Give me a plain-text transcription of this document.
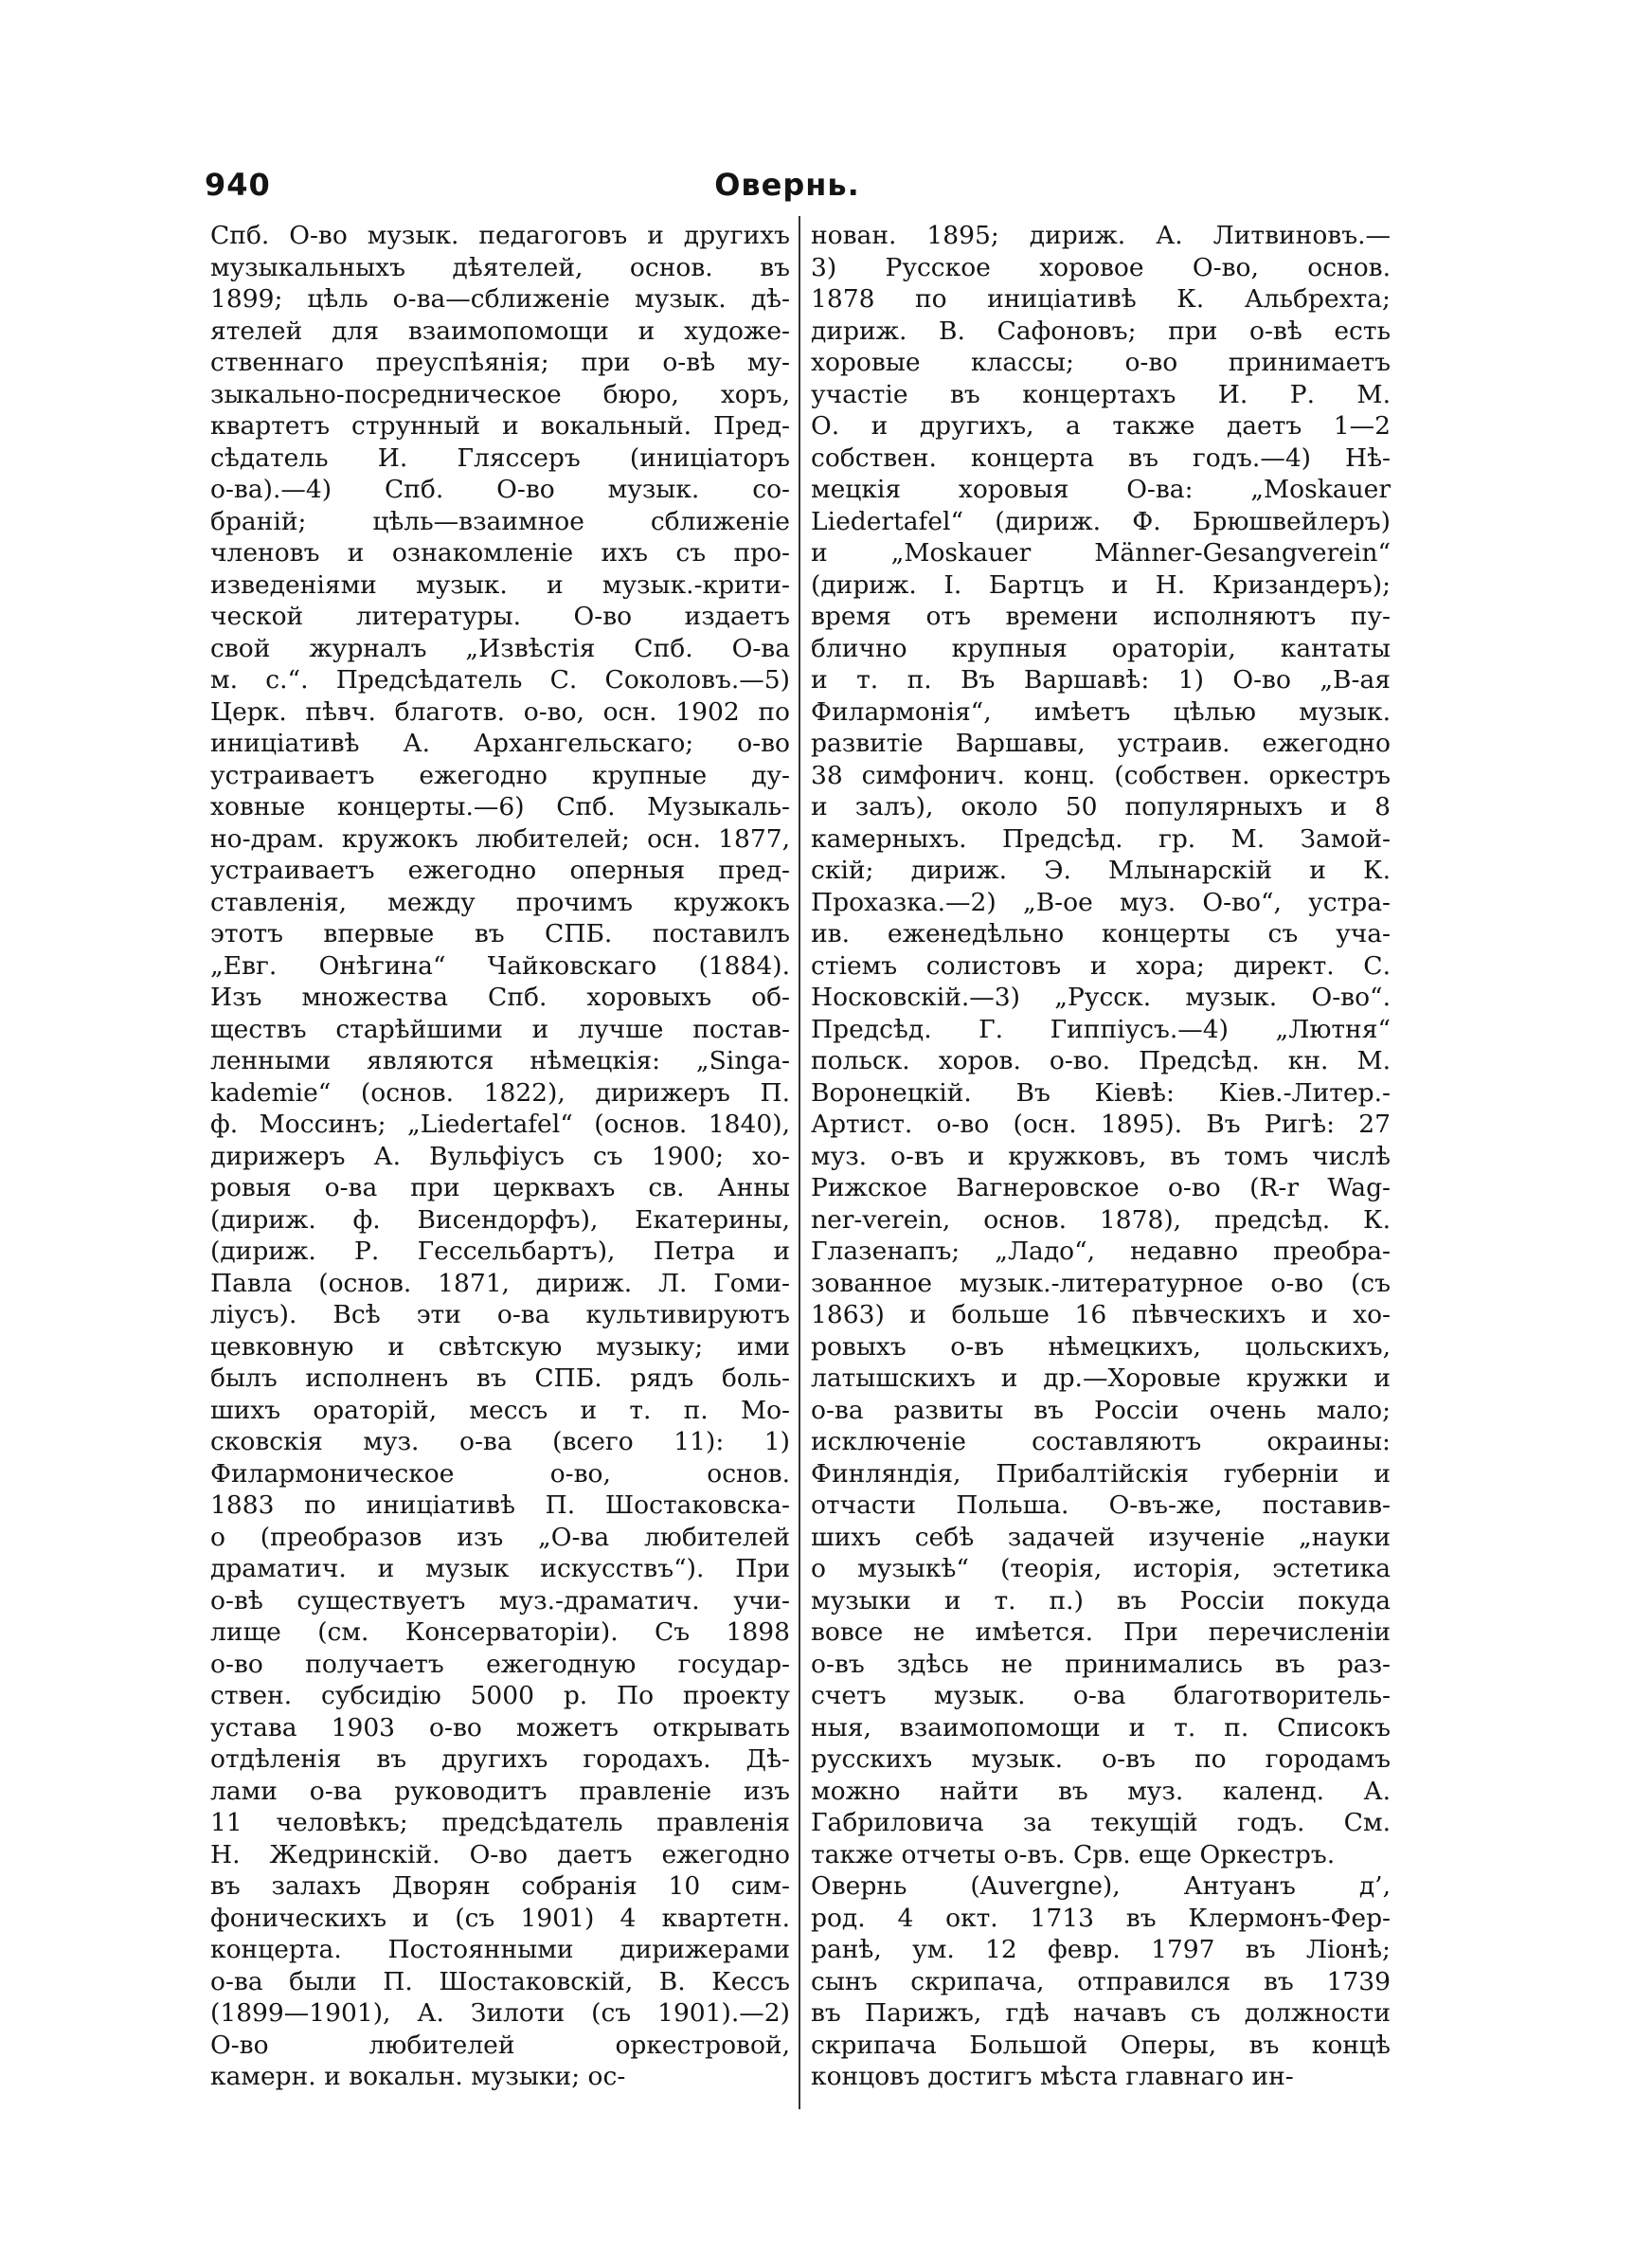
940	Овернь.
Спб. О-во музык. педагоговъ и другихъ
музыкальныхъ дѣятелей, основ. въ
1899; цѣль о-ва—сближеніе музык. дѣ-
ятелей для взаимопомощи и художе-
ственнаго преуспѣянія; при о-вѣ му-
зыкально-посредническое бюро, хоръ,
квартетъ струнный и вокальный. Пред-
сѣдатель И. Гляссеръ (иниціаторъ
о-ва).—4) Спб. О-во музык. со-
браній; цѣль—взаимное сближеніе
членовъ и ознакомленіе ихъ съ про-
изведеніями музык. и музык.-крити-
ческой литературы. О-во издаетъ
свой журналъ „Извѣстія Спб. О-ва
м. с.“. Предсѣдатель С. Соколовъ.—5)
Церк. пѣвч. благотв. о-во, осн. 1902 по
иниціативѣ А. Архангельскаго; о-во
устраиваетъ ежегодно крупные ду-
ховные концерты.—6) Спб. Музыкаль-
но-драм. кружокъ любителей; осн. 1877,
устраиваетъ ежегодно оперныя пред-
ставленія, между прочимъ кружокъ
этотъ впервые въ СПБ. поставилъ
„Евг. Онѣгина“ Чайковскаго (1884).
Изъ множества Спб. хоровыхъ об-
ществъ старѣйшими и лучше постав-
ленными являются нѣмецкія: „Singa-
kademie“ (основ. 1822), дирижеръ П.
ф. Моссинъ; „Liedertafel“ (основ. 1840),
дирижеръ А. Вульфіусъ съ 1900; хо-
ровыя о-ва при церквахъ св. Анны
(дириж. ф. Висендорфъ), Екатерины,
(дириж. Р. Гессельбартъ), Петра и
Павла (основ. 1871, дириж. Л. Гоми-
ліусъ). Всѣ эти о-ва культивируютъ
цевковную и свѣтскую музыку; ими
былъ исполненъ въ СПБ. рядъ боль-
шихъ ораторій, мессъ и т. п. Мо-
сковскія муз. о-ва (всего 11): 1)
Филармоническое о-во, основ.
1883 по иниціативѣ П. Шостаковска-
о (преобразов изъ „О-ва любителей
драматич. и музык искусствъ“). При
о-вѣ существуетъ муз.-драматич. учи-
лище (см. Консерваторіи). Съ 1898
о-во получаетъ ежегодную государ-
ствен. субсидію 5000 р. По проекту
устава 1903 о-во можетъ открывать
отдѣленія въ другихъ городахъ. Дѣ-
лами о-ва руководитъ правленіе изъ
11 человѣкъ; предсѣдатель правленія
Н. Жедринскій. О-во даетъ ежегодно
въ залахъ Дворян собранія 10 сим-
фоническихъ и (съ 1901) 4 квартетн.
концерта. Постоянными дирижерами
о-ва были П. Шостаковскій, В. Кессъ
(1899—1901), А. Зилоти (съ 1901).—2)
О-во любителей оркестровой,
камерн. и вокальн. музыки; ос-
нован. 1895; дириж. А. Литвиновъ.—
3) Русское хоровое О-во, основ.
1878 по иниціативѣ К. Альбрехта;
дириж. В. Сафоновъ; при о-вѣ есть
хоровые классы; о-во принимаетъ
участіе въ концертахъ И. Р. М.
О. и другихъ, а также даетъ 1—2
собствен. концерта въ годъ.—4) Нѣ-
мецкія хоровыя О-ва: „Moskauer
Liedertafel“ (дириж. Ф. Брюшвейлеръ)
и „Moskauer Männer-Gesangverein“
(дириж. І. Бартцъ и Н. Кризандеръ);
время отъ времени исполняютъ пу-
блично крупныя ораторіи, кантаты
и т. п. Въ Варшавѣ: 1) О-во „В-ая
Филармонія“, имѣетъ цѣлью музык.
развитіе Варшавы, устраив. ежегодно
38 симфонич. конц. (собствен. оркестръ
и залъ), около 50 популярныхъ и 8
камерныхъ. Предсѣд. гр. М. Замой-
скій; дириж. Э. Млынарскій и К.
Прохазка.—2) „В-ое муз. О-во“, устра-
ив. еженедѣльно концерты съ уча-
стіемъ солистовъ и хора; директ. С.
Носковскій.—3) „Русск. музык. О-во“.
Предсѣд. Г. Гиппіусъ.—4) „Лютня“
польск. хоров. о-во. Предсѣд. кн. М.
Воронецкій. Въ Кіевѣ: Кіев.-Литер.-
Артист. о-во (осн. 1895). Въ Ригѣ: 27
муз. о-въ и кружковъ, въ томъ числѣ
Рижское Вагнеровское о-во (R-r Wag-
ner-verein, основ. 1878), предсѣд. К.
Глазенапъ; „Ладо“, недавно преобра-
зованное музык.-литературное о-во (съ
1863) и больше 16 пѣвческихъ и хо-
ровыхъ о-въ нѣмецкихъ, цольскихъ,
латышскихъ и др.—Хоровые кружки и
о-ва развиты въ Россіи очень мало;
исключеніе составляютъ окраины:
Финляндія, Прибалтійскія губерніи и
отчасти Польша. О-въ-же, поставив-
шихъ себѣ задачей изученіе „науки
о музыкѣ“ (теорія, исторія, эстетика
музыки и т. п.) въ Россіи покуда
вовсе не имѣется. При перечисленіи
о-въ здѣсь не принимались въ раз-
счетъ музык. о-ва благотворитель-
ныя, взаимопомощи и т. п. Списокъ
русскихъ музык. о-въ по городамъ
можно найти въ муз. календ. А.
Габриловича за текущій годъ. См.
также отчеты о-въ. Срв. еще Оркестръ.
Овернь (Auvergne), Антуанъ д’,
род. 4 окт. 1713 въ Клермонъ-Фер-
ранѣ, ум. 12 февр. 1797 въ Ліонѣ;
сынъ скрипача, отправился въ 1739
въ Парижъ, гдѣ начавъ съ должности
скрипача Большой Оперы, въ концѣ
концовъ достигъ мѣста главнаго ин-
